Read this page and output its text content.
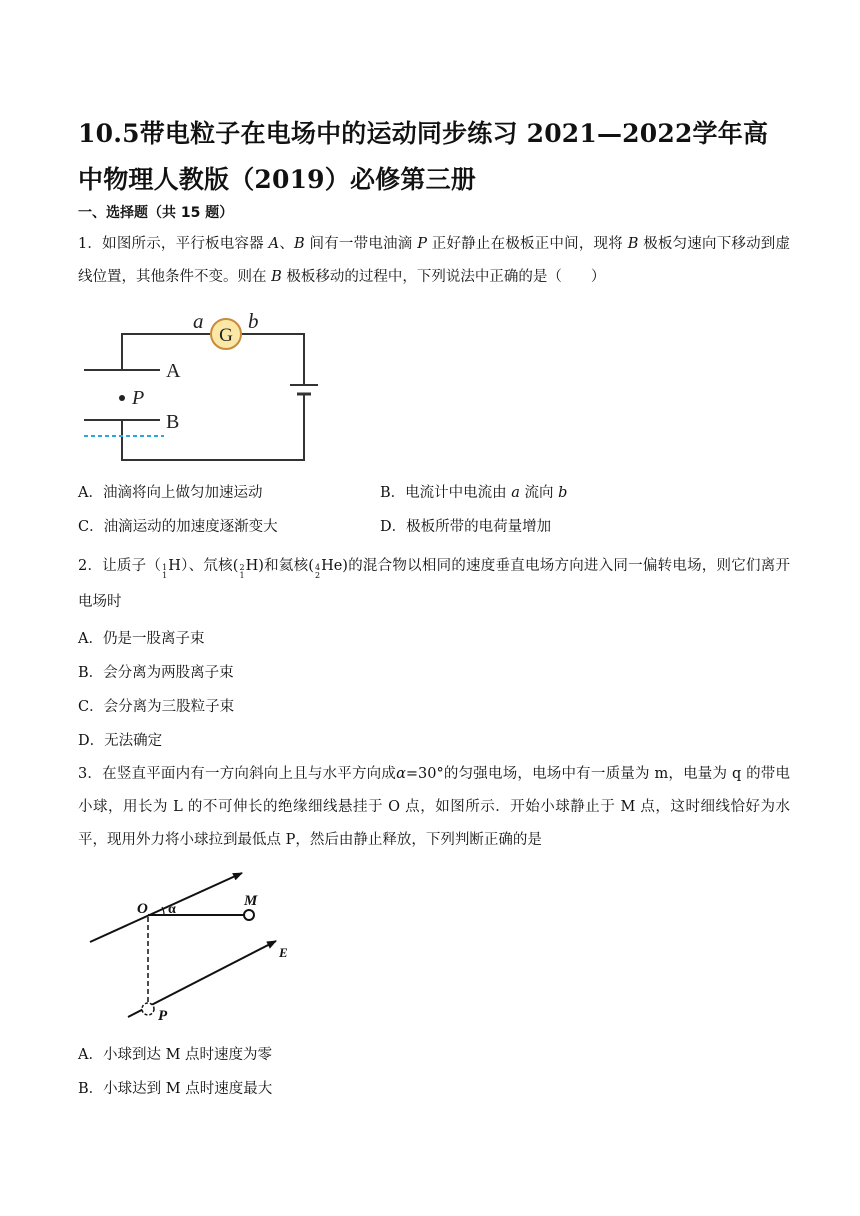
10.5带电粒子在电场中的运动同步练习 2021—2022学年高中物理人教版（2019）必修第三册
一、选择题（共 15 题）
1．如图所示，平行板电容器 A、B 间有一带电油滴 P 正好静止在极板正中间，现将 B 极板匀速向下移动到虚线位置，其他条件不变。则在 B 极板移动的过程中，下列说法中正确的是（　　）
G
a b
A
B
P
A．油滴将向上做匀加速运动	B．电流计中电流由 a 流向 b
C．油滴运动的加速度逐渐变大	D．极板所带的电荷量增加
2．让质子（ 1
1
H ）、氘核( 2
1
H )和氦核( 4
2
He )的混合物以相同的速度垂直电场方向进入同一偏转电场，则它们离开电场时
A．仍是一股离子束
B．会分离为两股离子束
C．会分离为三股粒子束
D．无法确定
3．在竖直平面内有一方向斜向上且与水平方向成α=30°的匀强电场，电场中有一质量为 m，电量为 q 的带电小球，用长为 L 的不可伸长的绝缘细线悬挂于 O 点，如图所示．开始小球静止于 M 点，这时细线恰好为水平，现用外力将小球拉到最低点 P，然后由静止释放，下列判断正确的是
O α
M
E
P
A．小球到达 M 点时速度为零
B．小球达到 M 点时速度最大
